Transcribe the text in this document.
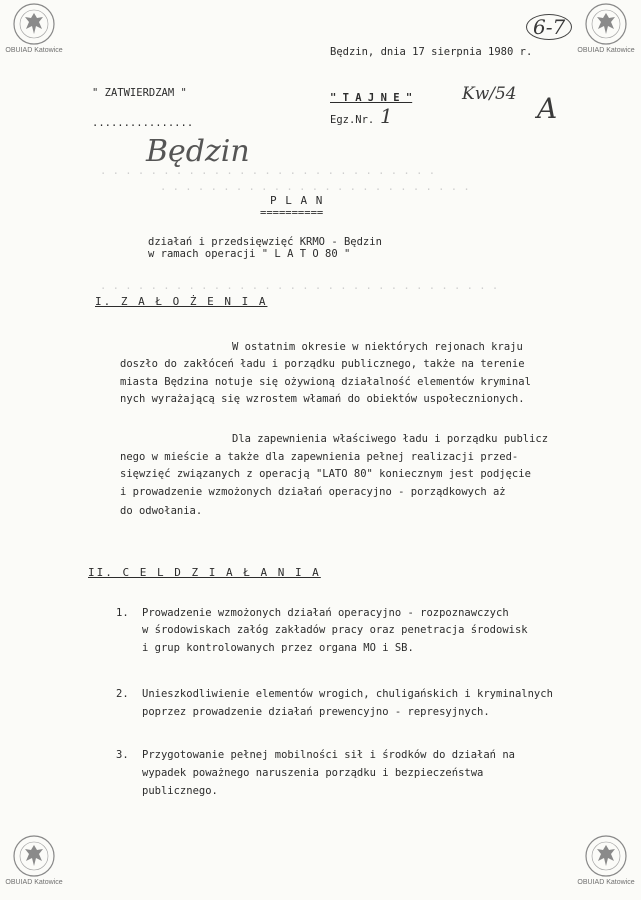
OBUIAD Katowice	OBUIAD Katowice
OBUIAD Katowice	OBUIAD Katowice
6-7
Będzin, dnia 17 sierpnia 1980 r.
" ZATWIERDZAM "	" T A J N E "	Kw/54 A
................	Egz.Nr. 1
Będzin
· · · · · · · · · · · · · · · · · · · · · · · · · · ·
· · · · · · · · · · · · · · · · · · · · · · · · ·
· · · · · · · · · · · · · · · · · · · · · · · · · · · · · · · ·
P L A N
==========
działań i przedsięwzięć KRMO - Będzin
w ramach operacji " L A T O 80 "
I. Z A Ł O Ż E N I A
W ostatnim okresie w niektórych rejonach kraju
doszło do zakłóceń ładu i porządku publicznego, także na terenie
miasta Będzina notuje się ożywioną działalność elementów kryminal
nych wyrażającą się wzrostem włamań do obiektów uspołecznionych.
Dla zapewnienia właściwego ładu i porządku publicz
nego w mieście a także dla zapewnienia pełnej realizacji przed-
sięwzięć związanych z operacją "LATO 80" koniecznym jest podjęcie
i prowadzenie wzmożonych działań operacyjno - porządkowych aż
do odwołania.
II. C E L D Z I A Ł A N I A
1. Prowadzenie wzmożonych działań operacyjno - rozpoznawczych
w środowiskach załóg zakładów pracy oraz penetracja środowisk
i grup kontrolowanych przez organa MO i SB.
2. Unieszkodliwienie elementów wrogich, chuligańskich i kryminalnych
poprzez prowadzenie działań prewencyjno - represyjnych.
3. Przygotowanie pełnej mobilności sił i środków do działań na
wypadek poważnego naruszenia porządku i bezpieczeństwa
publicznego.
